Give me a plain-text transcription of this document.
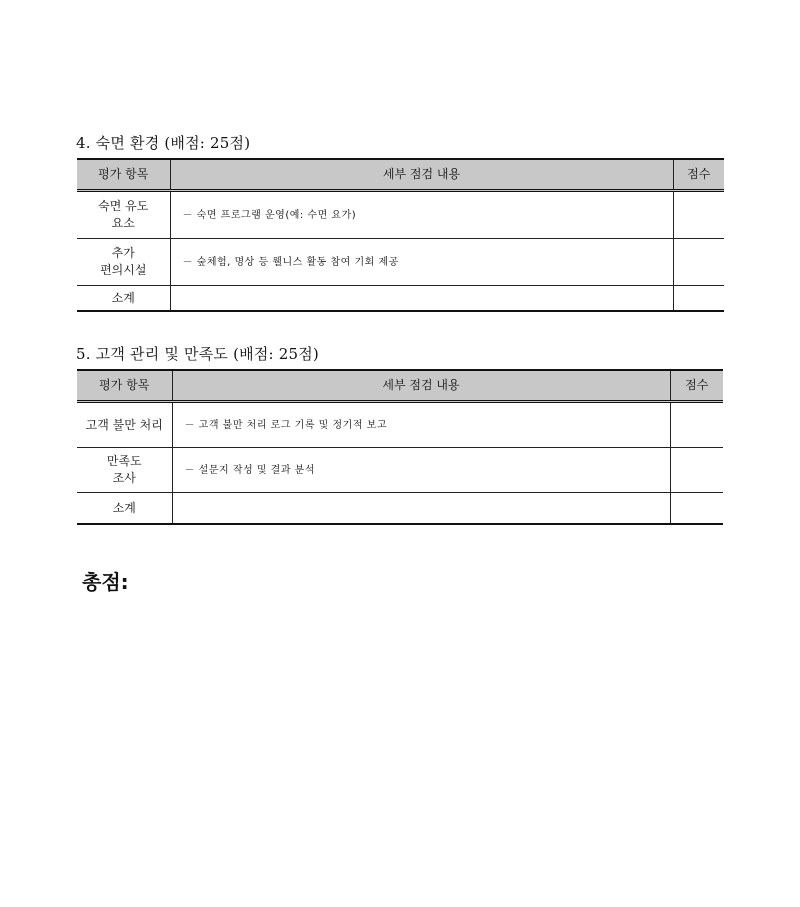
4. 숙면 환경 (배점: 25점)
평가 항목	세부 점검 내용	점수
숙면 유도
요소	－ 숙면 프로그램 운영(예: 수면 요가)	
추가
편의시설	－ 숲체험, 명상 등 웰니스 활동 참여 기회 제공	
소계		
5. 고객 관리 및 만족도 (배점: 25점)
평가 항목	세부 점검 내용	점수
고객 불만 처리	－ 고객 불만 처리 로그 기록 및 정기적 보고	
만족도
조사	－ 설문지 작성 및 결과 분석	
소계		
총점:
